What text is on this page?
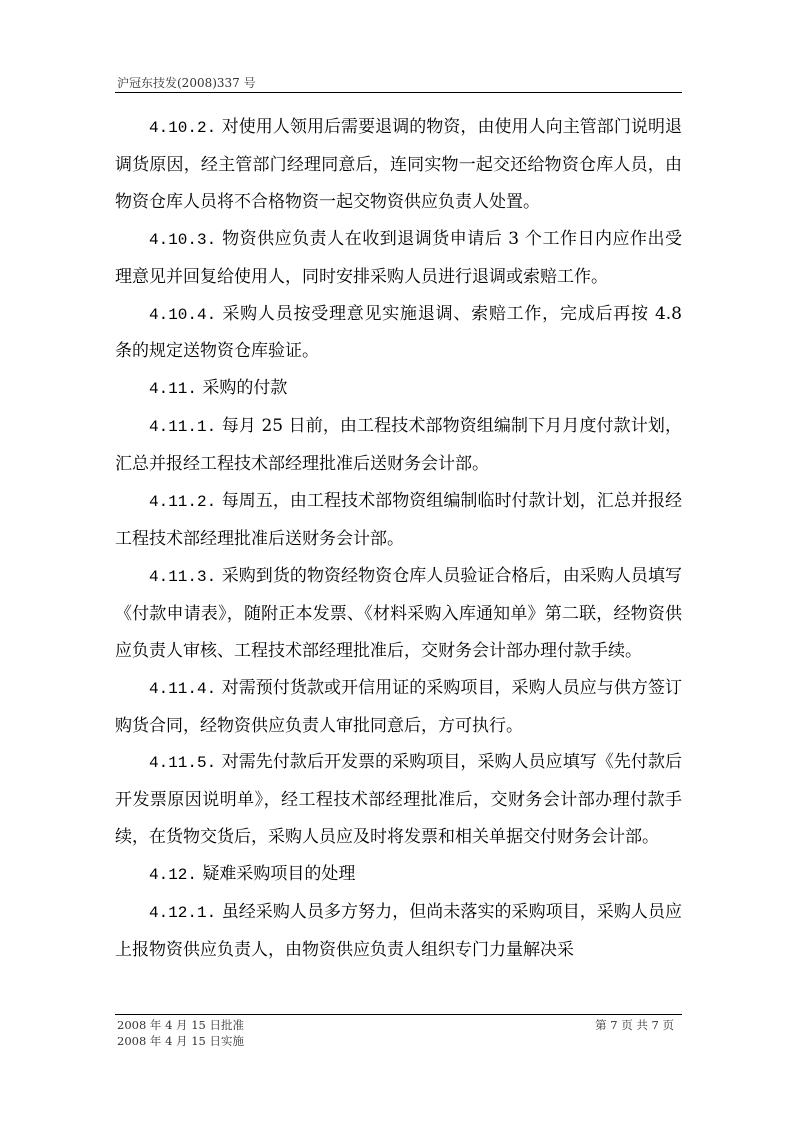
沪冠东技发(2008)337 号

4.10.2. 对使用人领用后需要退调的物资，由使用人向主管部门说明退调货原因，经主管部门经理同意后，连同实物一起交还给物资仓库人员，由物资仓库人员将不合格物资一起交物资供应负责人处置。

4.10.3. 物资供应负责人在收到退调货申请后 3 个工作日内应作出受理意见并回复给使用人，同时安排采购人员进行退调或索赔工作。

4.10.4. 采购人员按受理意见实施退调、索赔工作，完成后再按 4.8 条的规定送物资仓库验证。

4.11. 采购的付款

4.11.1. 每月 25 日前，由工程技术部物资组编制下月月度付款计划，汇总并报经工程技术部经理批准后送财务会计部。

4.11.2. 每周五，由工程技术部物资组编制临时付款计划，汇总并报经工程技术部经理批准后送财务会计部。

4.11.3. 采购到货的物资经物资仓库人员验证合格后，由采购人员填写《付款申请表》，随附正本发票、《材料采购入库通知单》第二联，经物资供应负责人审核、工程技术部经理批准后，交财务会计部办理付款手续。

4.11.4. 对需预付货款或开信用证的采购项目，采购人员应与供方签订购货合同，经物资供应负责人审批同意后，方可执行。

4.11.5. 对需先付款后开发票的采购项目，采购人员应填写《先付款后开发票原因说明单》，经工程技术部经理批准后，交财务会计部办理付款手续，在货物交货后，采购人员应及时将发票和相关单据交付财务会计部。

4.12. 疑难采购项目的处理

4.12.1. 虽经采购人员多方努力，但尚未落实的采购项目，采购人员应上报物资供应负责人，由物资供应负责人组织专门力量解决采

2008 年 4 月 15 日批准
2008 年 4 月 15 日实施
第 7 页 共 7 页
